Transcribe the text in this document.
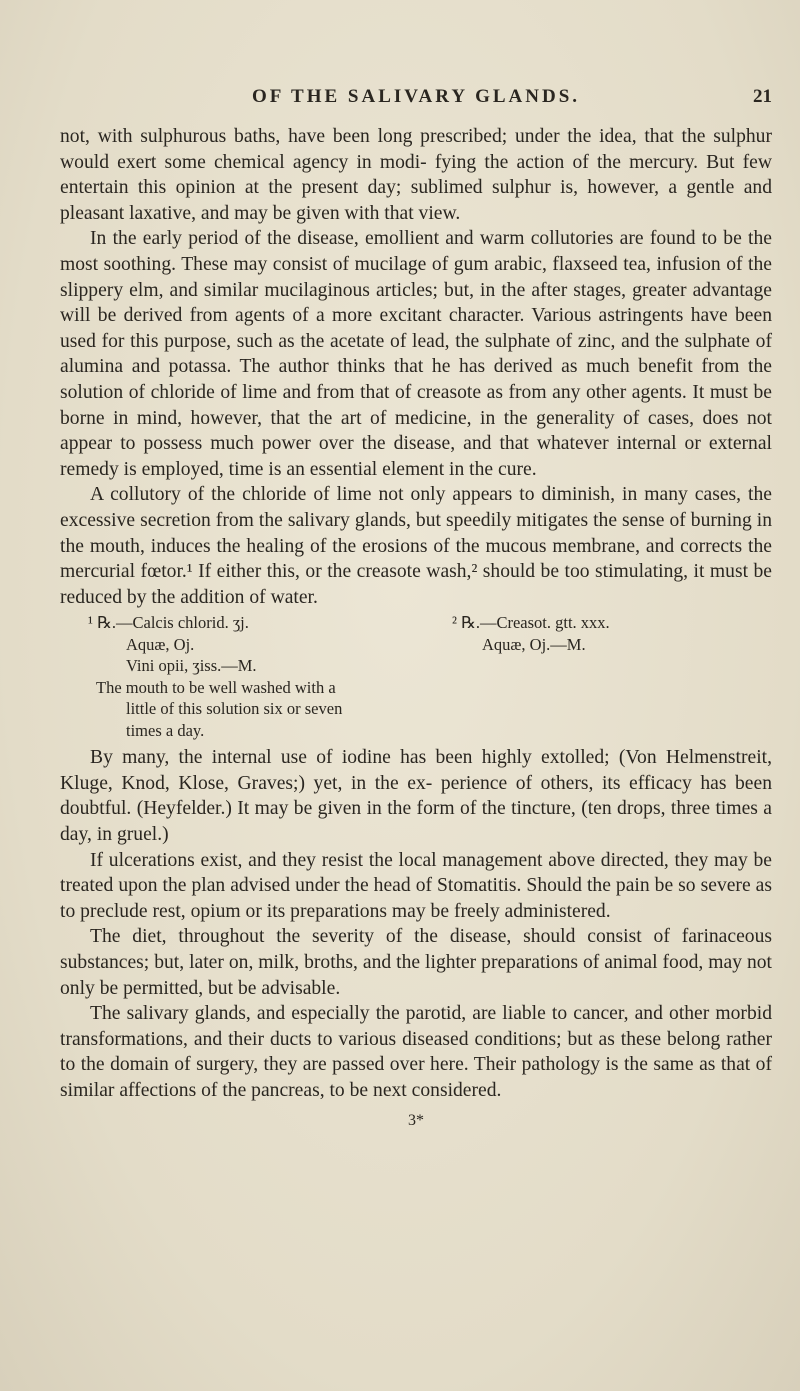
OF THE SALIVARY GLANDS.	21

not, with sulphurous baths, have been long prescribed; under the idea, that the sulphur would exert some chemical agency in modi- fying the action of the mercury. But few entertain this opinion at the present day; sublimed sulphur is, however, a gentle and pleasant laxative, and may be given with that view.

In the early period of the disease, emollient and warm collutories are found to be the most soothing. These may consist of mucilage of gum arabic, flaxseed tea, infusion of the slippery elm, and similar mucilaginous articles; but, in the after stages, greater advantage will be derived from agents of a more excitant character. Various astringents have been used for this purpose, such as the acetate of lead, the sulphate of zinc, and the sulphate of alumina and potassa. The author thinks that he has derived as much benefit from the solution of chloride of lime and from that of creasote as from any other agents. It must be borne in mind, however, that the art of medicine, in the generality of cases, does not appear to possess much power over the disease, and that whatever internal or external remedy is employed, time is an essential element in the cure.

A collutory of the chloride of lime not only appears to diminish, in many cases, the excessive secretion from the salivary glands, but speedily mitigates the sense of burning in the mouth, induces the healing of the erosions of the mucous membrane, and corrects the mercurial fœtor.¹ If either this, or the creasote wash,² should be too stimulating, it must be reduced by the addition of water.

¹ ℞.—Calcis chlorid. ʒj.
Aquæ, Oj.
Vini opii, ʒiss.—M.
The mouth to be well washed with a
little of this solution six or seven
times a day.
² ℞.—Creasot. gtt. xxx.
Aquæ, Oj.—M.

By many, the internal use of iodine has been highly extolled; (Von Helmenstreit, Kluge, Knod, Klose, Graves;) yet, in the ex- perience of others, its efficacy has been doubtful. (Heyfelder.) It may be given in the form of the tincture, (ten drops, three times a day, in gruel.)

If ulcerations exist, and they resist the local management above directed, they may be treated upon the plan advised under the head of Stomatitis. Should the pain be so severe as to preclude rest, opium or its preparations may be freely administered.

The diet, throughout the severity of the disease, should consist of farinaceous substances; but, later on, milk, broths, and the lighter preparations of animal food, may not only be permitted, but be advisable.

The salivary glands, and especially the parotid, are liable to cancer, and other morbid transformations, and their ducts to various diseased conditions; but as these belong rather to the domain of surgery, they are passed over here. Their pathology is the same as that of similar affections of the pancreas, to be next considered.

3*
